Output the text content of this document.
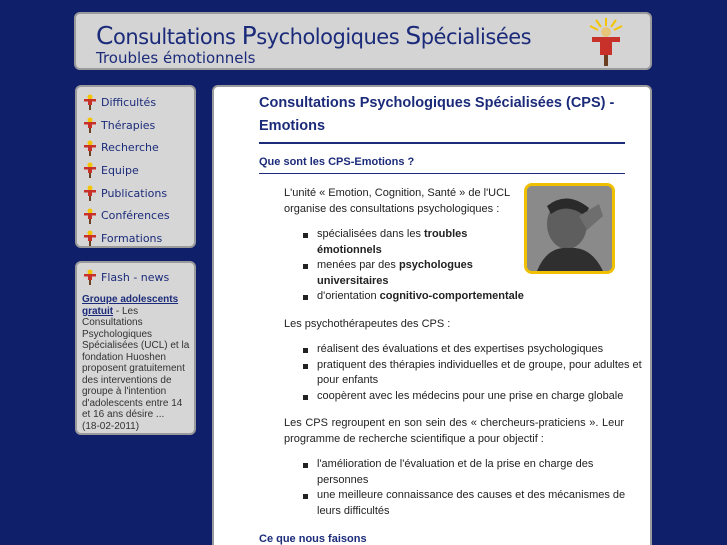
Consultations Psychologiques Spécialisées
Troubles émotionnels
Difficultés
Thérapies
Recherche
Equipe
Publications
Conférences
Formations
Flash - news
Groupe adolescents gratuit - Les Consultations Psychologiques Spécialisées (UCL) et la fondation Huoshen proposent gratuitement des interventions de groupe à l'intention d'adolescents entre 14 et 16 ans désire ...
(18-02-2011)
Consultations Psychologiques Spécialisées (CPS) - Emotions
Que sont les CPS-Emotions ?

L'unité « Emotion, Cognition, Santé » de l'UCL organise des consultations psychologiques :

spécialisées dans les troubles émotionnels
menées par des psychologues universitaires
d'orientation cognitivo-comportementale

Les psychothérapeutes des CPS :

réalisent des évaluations et des expertises psychologiques
pratiquent des thérapies individuelles et de groupe, pour adultes et pour enfants
coopèrent avec les médecins pour une prise en charge globale

Les CPS regroupent en son sein des « chercheurs-praticiens ». Leur programme de recherche scientifique a pour objectif :

l'amélioration de l'évaluation et de la prise en charge des personnes
une meilleure connaissance des causes et des mécanismes de leurs difficultés
Ce que nous faisons
